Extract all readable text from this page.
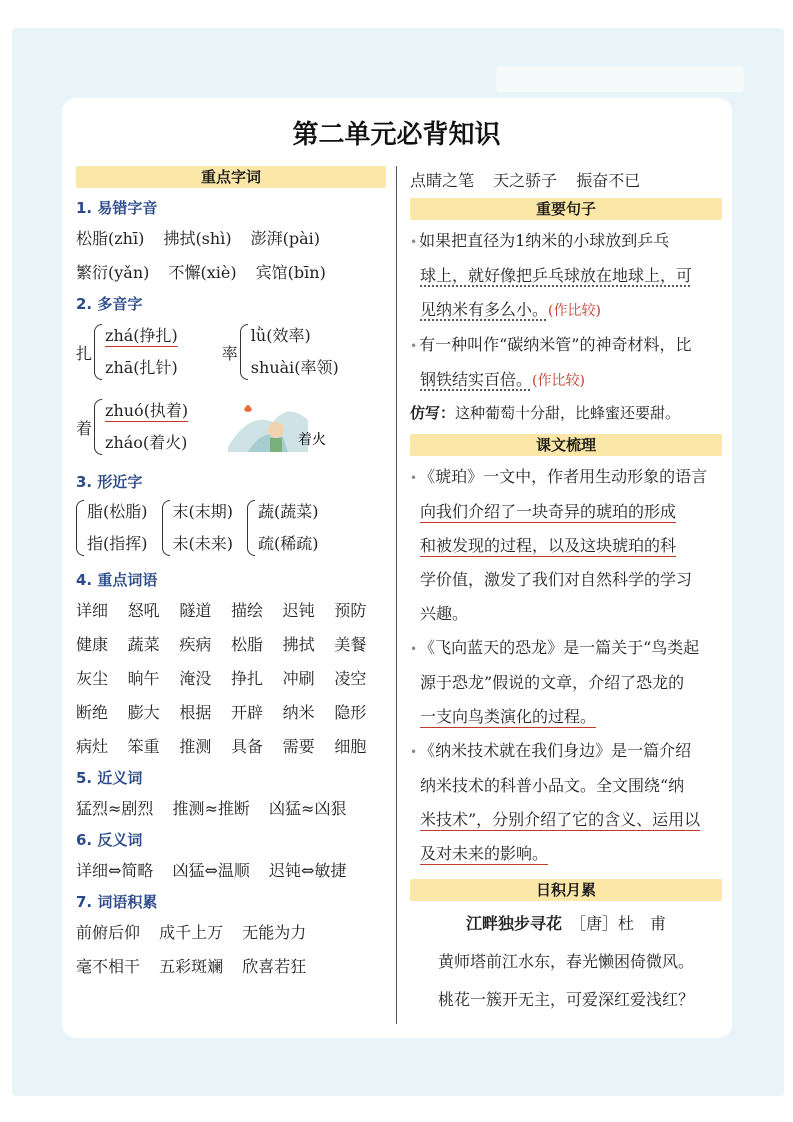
第二单元必背知识
重点字词
1. 易错字音
松脂(zhī) 拂拭(shì) 澎湃(pài)
繁衍(yǎn) 不懈(xiè) 宾馆(bīn)
2. 多音字
扎
zhá(挣扎)
zhā(扎针)
率
lǜ(效率)
shuài(率领)
着
zhuó(执着)
zháo(着火)	着火
3. 形近字
脂(松脂)
指(指挥)
末(末期)
未(未来)
蔬(蔬菜)
疏(稀疏)
4. 重点词语
详细	怒吼	隧道	描绘	迟钝	预防
健康	蔬菜	疾病	松脂	拂拭	美餐
灰尘	晌午	淹没	挣扎	冲刷	凌空
断绝	膨大	根据	开辟	纳米	隐形
病灶	笨重	推测	具备	需要	细胞
5. 近义词
猛烈≈剧烈 推测≈推断 凶猛≈凶狠
6. 反义词
详细⇔简略 凶猛⇔温顺 迟钝⇔敏捷
7. 词语积累
前俯后仰 成千上万 无能为力
毫不相干 五彩斑斓 欣喜若狂
点睛之笔 天之骄子 振奋不已
重要句子

• 如果把直径为1纳米的小球放到乒乓

球上，就好像把乒乓球放在地球上，可

见纳米有多么小。(作比较)

• 有一种叫作“碳纳米管”的神奇材料，比

钢铁结实百倍。(作比较)

仿写：这种葡萄十分甜，比蜂蜜还要甜。
课文梳理

• 《琥珀》一文中，作者用生动形象的语言

向我们介绍了一块奇异的琥珀的形成

和被发现的过程，以及这块琥珀的科

学价值，激发了我们对自然科学的学习

兴趣。

• 《飞向蓝天的恐龙》是一篇关于“鸟类起

源于恐龙”假说的文章，介绍了恐龙的

一支向鸟类演化的过程。

• 《纳米技术就在我们身边》是一篇介绍

纳米技术的科普小品文。全文围绕“纳

米技术”，分别介绍了它的含义、运用以

及对未来的影响。

日积月累
江畔独步寻花　 ［唐］杜　甫
黄师塔前江水东，春光懒困倚微风。
桃花一簇开无主，可爱深红爱浅红？
